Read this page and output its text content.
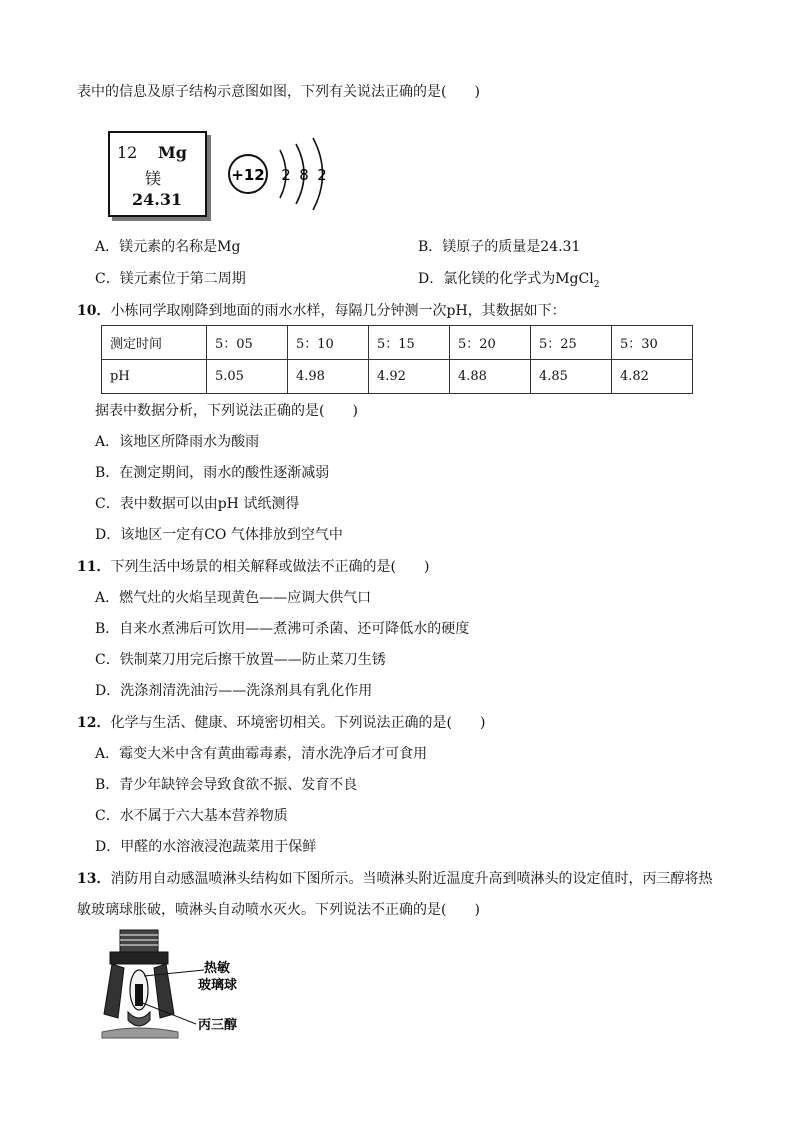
表中的信息及原子结构示意图如图，下列有关说法正确的是(　　)
12 Mg
镁
24.31
+12 2 8 2
A．镁元素的名称是Mg	B．镁原子的质量是24.31
C．镁元素位于第二周期	D．氯化镁的化学式为MgCl$_2$
10．小栋同学取刚降到地面的雨水水样，每隔几分钟测一次pH，其数据如下：
测定时间	5：05	5：10	5：15	5：20	5：25	5：30
pH	5.05	4.98	4.92	4.88	4.85	4.82
据表中数据分析，下列说法正确的是(　　)
A．该地区所降雨水为酸雨
B．在测定期间，雨水的酸性逐渐减弱
C．表中数据可以由pH 试纸测得
D．该地区一定有CO 气体排放到空气中
11．下列生活中场景的相关解释或做法不正确的是(　　)
A．燃气灶的火焰呈现黄色——应调大供气口
B．自来水煮沸后可饮用——煮沸可杀菌、还可降低水的硬度
C．铁制菜刀用完后擦干放置——防止菜刀生锈
D．洗涤剂清洗油污——洗涤剂具有乳化作用
12．化学与生活、健康、环境密切相关。下列说法正确的是(　　)
A．霉变大米中含有黄曲霉毒素，清水洗净后才可食用
B．青少年缺锌会导致食欲不振、发育不良
C．水不属于六大基本营养物质
D．甲醛的水溶液浸泡蔬菜用于保鲜
13．消防用自动感温喷淋头结构如下图所示。当喷淋头附近温度升高到喷淋头的设定值时，丙三醇将热
敏玻璃球胀破，喷淋头自动喷水灭火。下列说法不正确的是(　　)
热敏
玻璃球
丙三醇
